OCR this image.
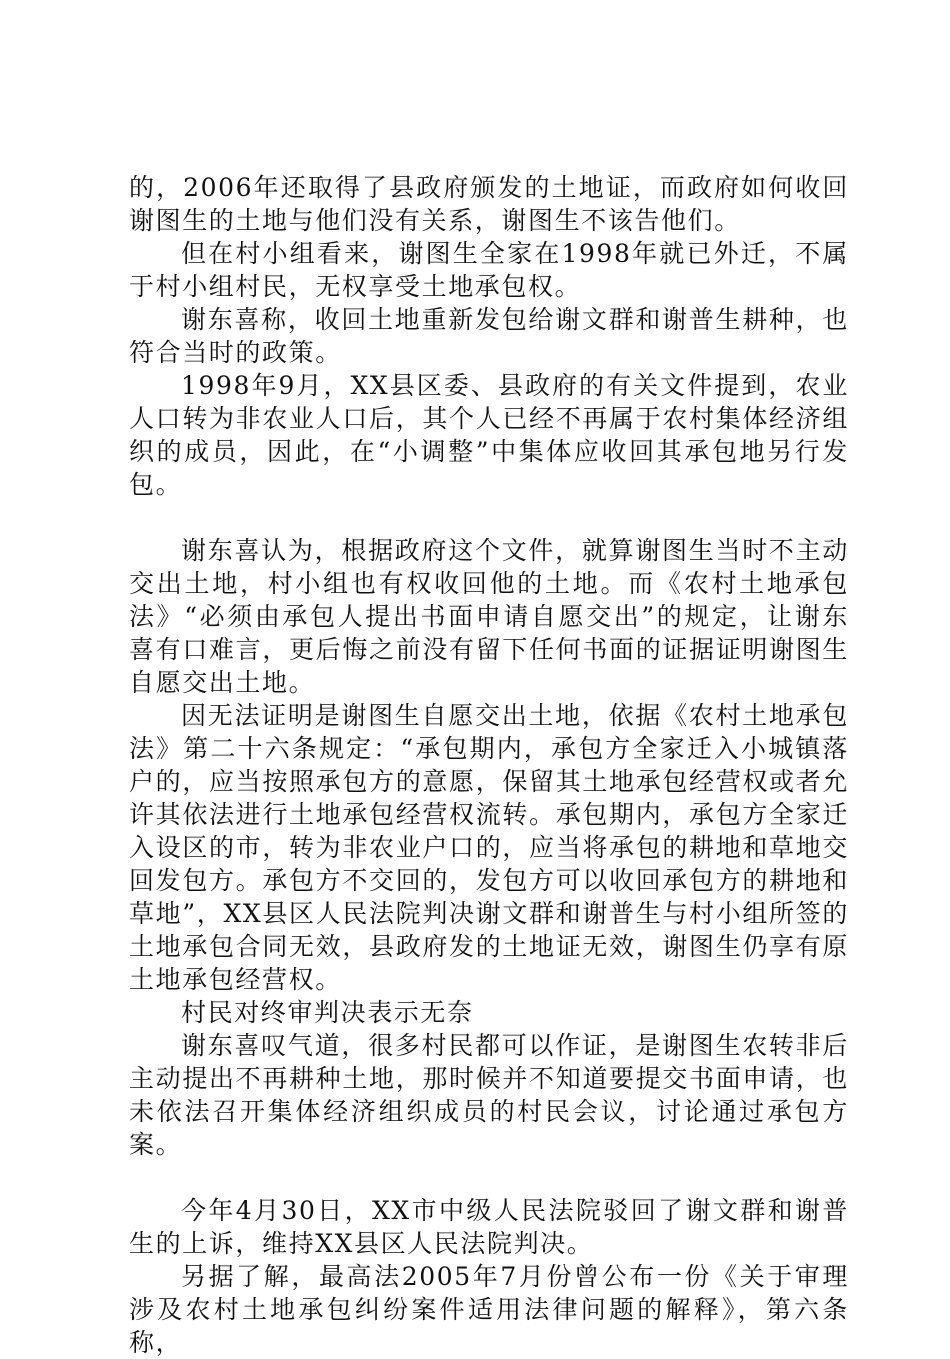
的，2006年还取得了县政府颁发的土地证，而政府如何收回谢图生的土地与他们没有关系，谢图生不该告他们。

但在村小组看来，谢图生全家在1998年就已外迁，不属于村小组村民，无权享受土地承包权。

谢东喜称，收回土地重新发包给谢文群和谢普生耕种，也符合当时的政策。

1998年9月，XX县区委、县政府的有关文件提到，农业人口转为非农业人口后，其个人已经不再属于农村集体经济组织的成员，因此，在“小调整”中集体应收回其承包地另行发包。

谢东喜认为，根据政府这个文件，就算谢图生当时不主动交出土地，村小组也有权收回他的土地。而《农村土地承包法》“必须由承包人提出书面申请自愿交出”的规定，让谢东喜有口难言，更后悔之前没有留下任何书面的证据证明谢图生自愿交出土地。

因无法证明是谢图生自愿交出土地，依据《农村土地承包法》第二十六条规定：“承包期内，承包方全家迁入小城镇落户的，应当按照承包方的意愿，保留其土地承包经营权或者允许其依法进行土地承包经营权流转。承包期内，承包方全家迁入设区的市，转为非农业户口的，应当将承包的耕地和草地交回发包方。承包方不交回的，发包方可以收回承包方的耕地和草地”，XX县区人民法院判决谢文群和谢普生与村小组所签的土地承包合同无效，县政府发的土地证无效，谢图生仍享有原土地承包经营权。

村民对终审判决表示无奈

谢东喜叹气道，很多村民都可以作证，是谢图生农转非后主动提出不再耕种土地，那时候并不知道要提交书面申请，也未依法召开集体经济组织成员的村民会议，讨论通过承包方案。

今年4月30日，XX市中级人民法院驳回了谢文群和谢普生的上诉，维持XX县区人民法院判决。

另据了解，最高法2005年7月份曾公布一份《关于审理涉及农村土地承包纠纷案件适用法律问题的解释》，第六条称，
